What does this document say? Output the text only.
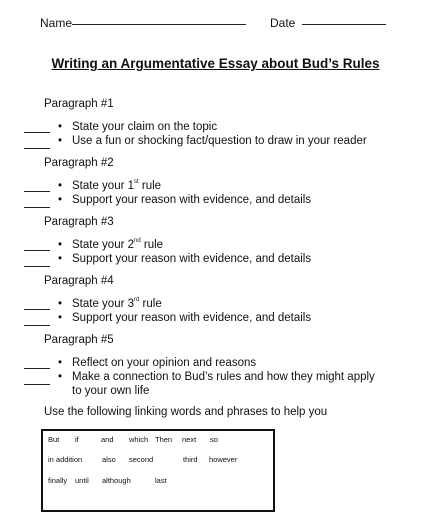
Name	Date
Writing an Argumentative Essay about Bud’s Rules
Paragraph #1
• State your claim on the topic
• Use a fun or shocking fact/question to draw in your reader
Paragraph #2
• State your 1st rule
• Support your reason with evidence, and details
Paragraph #3
• State your 2nd rule
• Support your reason with evidence, and details
Paragraph #4
• State your 3rd rule
• Support your reason with evidence, and details
Paragraph #5
• Reflect on your opinion and reasons
• Make a connection to Bud’s rules and how they might apply
to your own life
Use the following linking words and phrases to help you
But if	and which Then next so
in addition	also second	third however
finally until although	last
